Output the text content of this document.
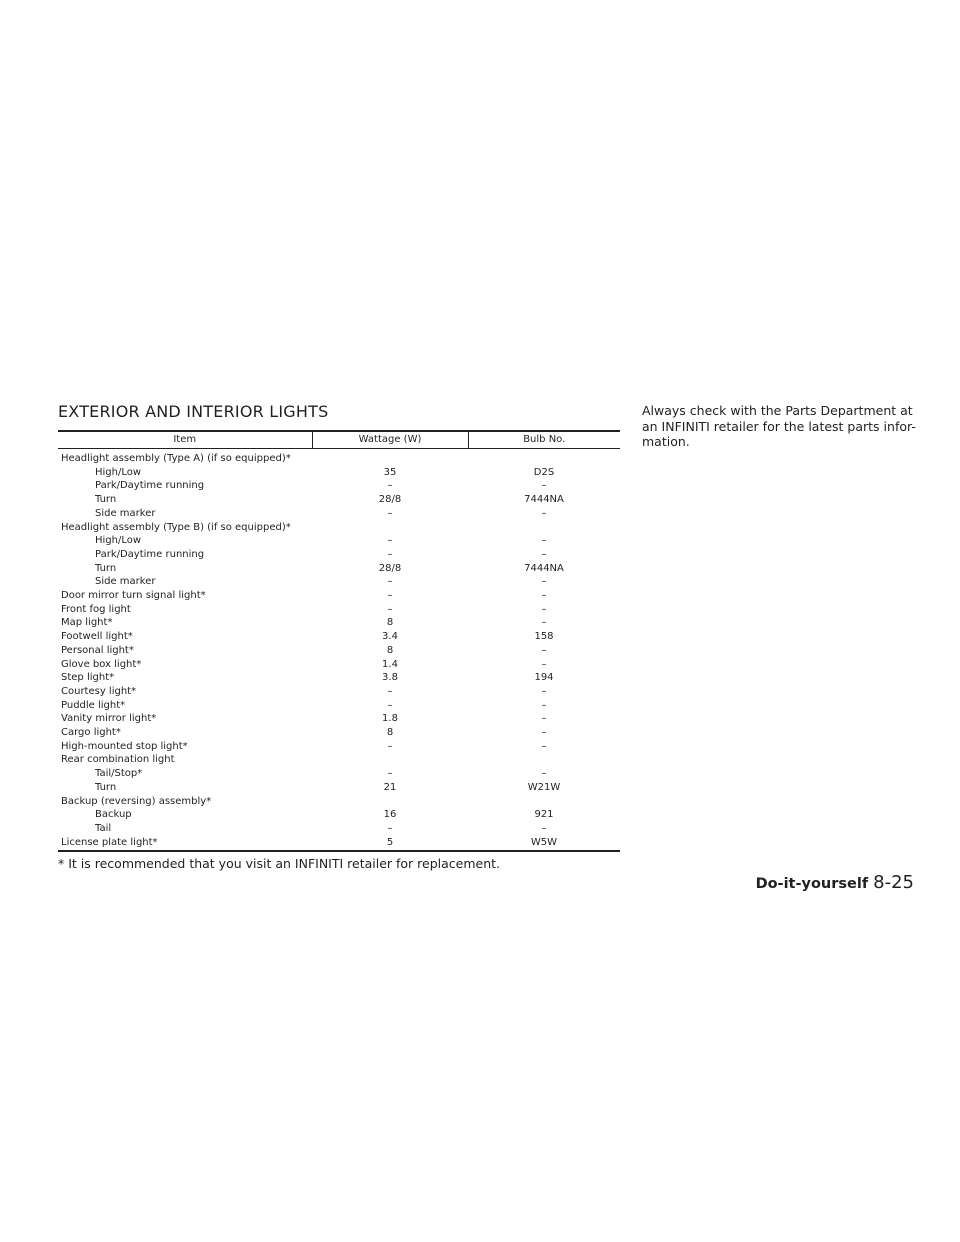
EXTERIOR AND INTERIOR LIGHTS
Item	Wattage (W)	Bulb No.
Headlight assembly (Type A) (if so equipped)*		
High/Low	35	D2S
Park/Daytime running	–	–
Turn	28/8	7444NA
Side marker	–	–
Headlight assembly (Type B) (if so equipped)*		
High/Low	–	–
Park/Daytime running	–	–
Turn	28/8	7444NA
Side marker	–	–
Door mirror turn signal light*	–	–
Front fog light	–	–
Map light*	8	–
Footwell light*	3.4	158
Personal light*	8	–
Glove box light*	1.4	–
Step light*	3.8	194
Courtesy light*	–	–
Puddle light*	–	–
Vanity mirror light*	1.8	–
Cargo light*	8	–
High-mounted stop light*	–	–
Rear combination light		
Tail/Stop*	–	–
Turn	21	W21W
Backup (reversing) assembly*		
Backup	16	921
Tail	–	–
License plate light*	5	W5W

* It is recommended that you visit an INFINITI retailer for replacement.

Always check with the Parts Department at an INFINITI retailer for the latest parts infor-mation.

Do-it-yourself 8-25
